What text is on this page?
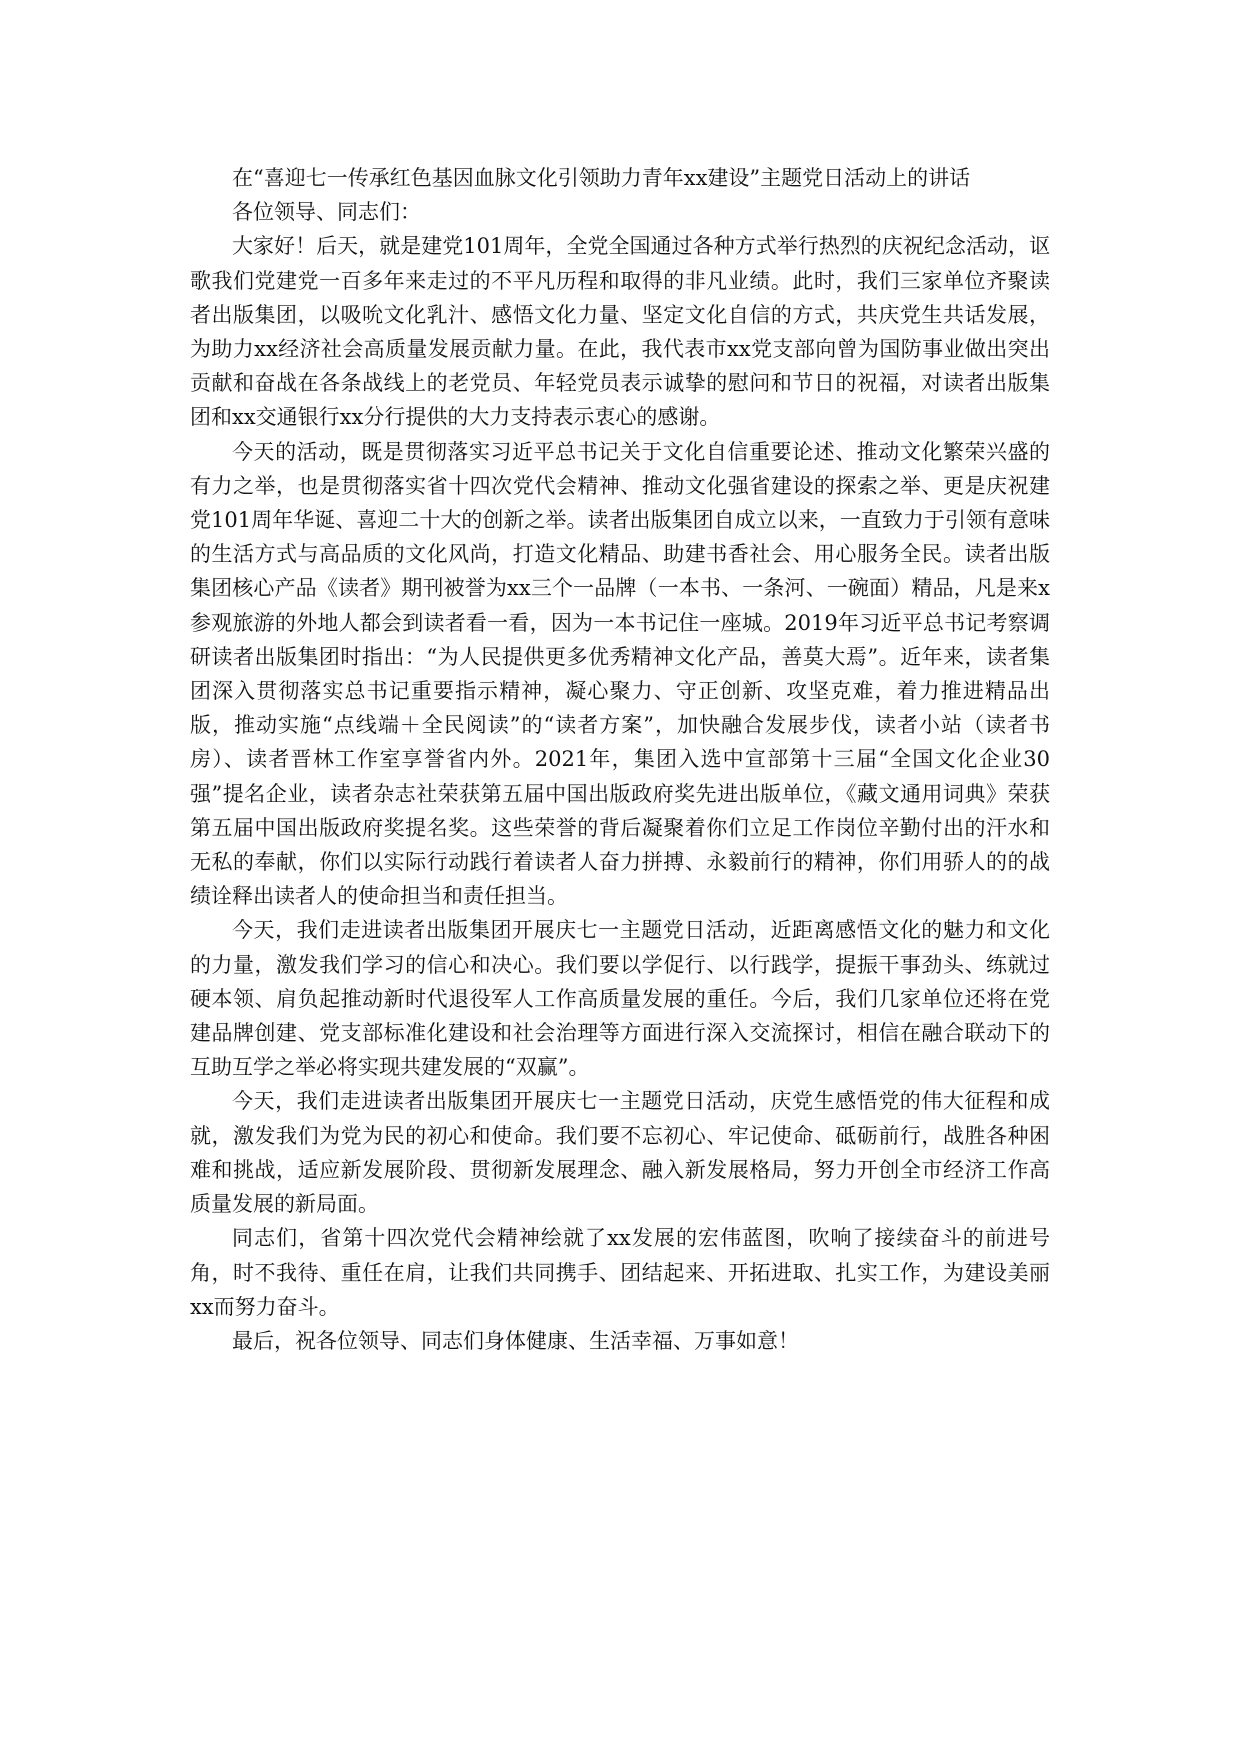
在“喜迎七一传承红色基因血脉文化引领助力青年xx建设”主题党日活动上的讲话

各位领导、同志们：

大家好！后天，就是建党101周年，全党全国通过各种方式举行热烈的庆祝纪念活动，讴歌我们党建党一百多年来走过的不平凡历程和取得的非凡业绩。此时，我们三家单位齐聚读者出版集团，以吸吮文化乳汁、感悟文化力量、坚定文化自信的方式，共庆党生共话发展，为助力xx经济社会高质量发展贡献力量。在此，我代表市xx党支部向曾为国防事业做出突出贡献和奋战在各条战线上的老党员、年轻党员表示诚挚的慰问和节日的祝福，对读者出版集团和xx交通银行xx分行提供的大力支持表示衷心的感谢。

今天的活动，既是贯彻落实习近平总书记关于文化自信重要论述、推动文化繁荣兴盛的有力之举，也是贯彻落实省十四次党代会精神、推动文化强省建设的探索之举、更是庆祝建党101周年华诞、喜迎二十大的创新之举。读者出版集团自成立以来，一直致力于引领有意味的生活方式与高品质的文化风尚，打造文化精品、助建书香社会、用心服务全民。读者出版集团核心产品《读者》期刊被誉为xx三个一品牌（一本书、一条河、一碗面）精品，凡是来x参观旅游的外地人都会到读者看一看，因为一本书记住一座城。2019年习近平总书记考察调研读者出版集团时指出：“为人民提供更多优秀精神文化产品，善莫大焉”。近年来，读者集团深入贯彻落实总书记重要指示精神，凝心聚力、守正创新、攻坚克难，着力推进精品出版，推动实施“点线端＋全民阅读”的“读者方案”，加快融合发展步伐，读者小站（读者书房）、读者晋林工作室享誉省内外。2021年，集团入选中宣部第十三届“全国文化企业30强”提名企业，读者杂志社荣获第五届中国出版政府奖先进出版单位，《藏文通用词典》荣获第五届中国出版政府奖提名奖。这些荣誉的背后凝聚着你们立足工作岗位辛勤付出的汗水和无私的奉献，你们以实际行动践行着读者人奋力拼搏、永毅前行的精神，你们用骄人的的战绩诠释出读者人的使命担当和责任担当。

今天，我们走进读者出版集团开展庆七一主题党日活动，近距离感悟文化的魅力和文化的力量，激发我们学习的信心和决心。我们要以学促行、以行践学，提振干事劲头、练就过硬本领、肩负起推动新时代退役军人工作高质量发展的重任。今后，我们几家单位还将在党建品牌创建、党支部标准化建设和社会治理等方面进行深入交流探讨，相信在融合联动下的互助互学之举必将实现共建发展的“双赢”。

今天，我们走进读者出版集团开展庆七一主题党日活动，庆党生感悟党的伟大征程和成就，激发我们为党为民的初心和使命。我们要不忘初心、牢记使命、砥砺前行，战胜各种困难和挑战，适应新发展阶段、贯彻新发展理念、融入新发展格局，努力开创全市经济工作高质量发展的新局面。

同志们，省第十四次党代会精神绘就了xx发展的宏伟蓝图，吹响了接续奋斗的前进号角，时不我待、重任在肩，让我们共同携手、团结起来、开拓进取、扎实工作，为建设美丽xx而努力奋斗。

最后，祝各位领导、同志们身体健康、生活幸福、万事如意！
